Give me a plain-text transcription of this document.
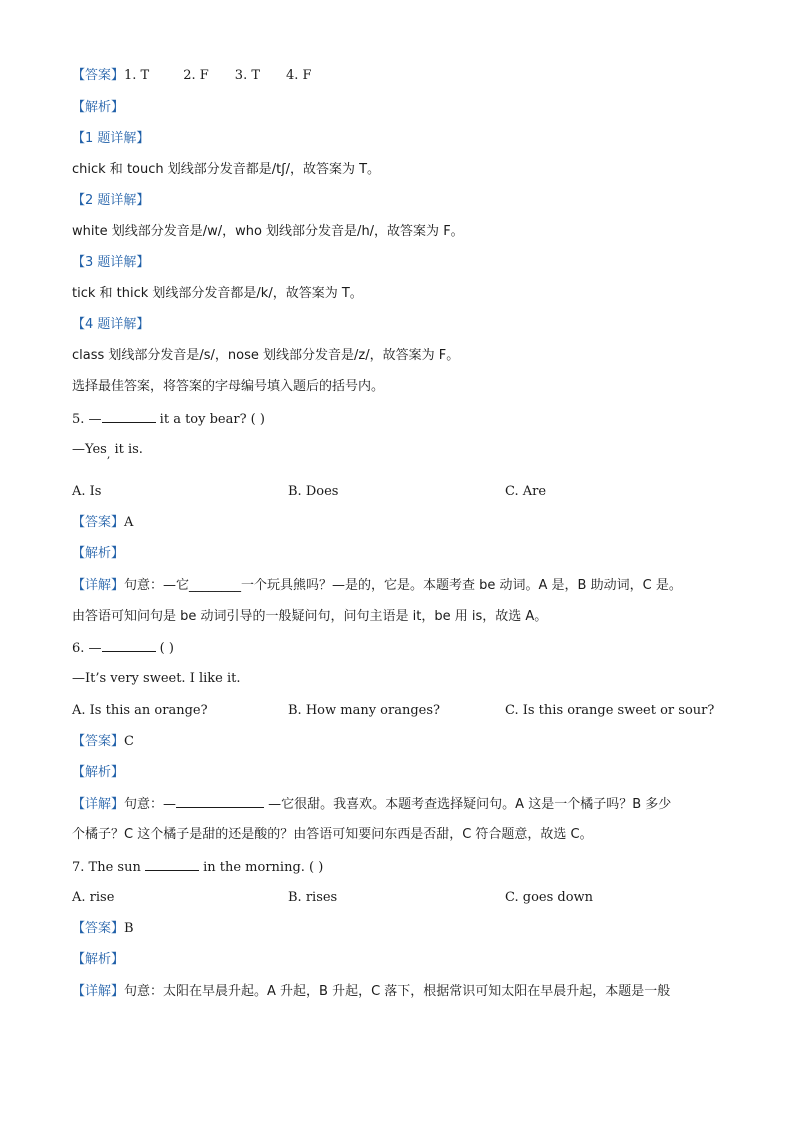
【答案】1. T	2. F 3. T 4. F
【解析】
【1 题详解】
chick 和 touch 划线部分发音都是/tʃ/，故答案为 T。
【2 题详解】
white 划线部分发音是/w/，who 划线部分发音是/h/，故答案为 F。
【3 题详解】
tick 和 thick 划线部分发音都是/k/，故答案为 T。
【4 题详解】
class 划线部分发音是/s/，nose 划线部分发音是/z/，故答案为 F。
选择最佳答案，将答案的字母编号填入题后的括号内。
5. —	it a toy bear? ( )
—Yes$_,$ it is.
A. Is	B. Does	C. Are
【答案】A
【解析】
【详解】句意：—它________一个玩具熊吗？—是的，它是。本题考查 be 动词。A 是，B 助动词，C 是。
由答语可知问句是 be 动词引导的一般疑问句，问句主语是 it，be 用 is，故选 A。
6. —	( )
—It’s very sweet. I like it.
A. Is this an orange?	B. How many oranges?	C. Is this orange sweet or sour?
【答案】C
【解析】
【详解】句意：—	—它很甜。我喜欢。本题考查选择疑问句。A 这是一个橘子吗？B 多少
个橘子？C 这个橘子是甜的还是酸的？由答语可知要问东西是否甜，C 符合题意，故选 C。
7. The sun	in the morning. ( )
A. rise	B. rises	C. goes down
【答案】B
【解析】
【详解】句意：太阳在早晨升起。A 升起，B 升起，C 落下，根据常识可知太阳在早晨升起，本题是一般
